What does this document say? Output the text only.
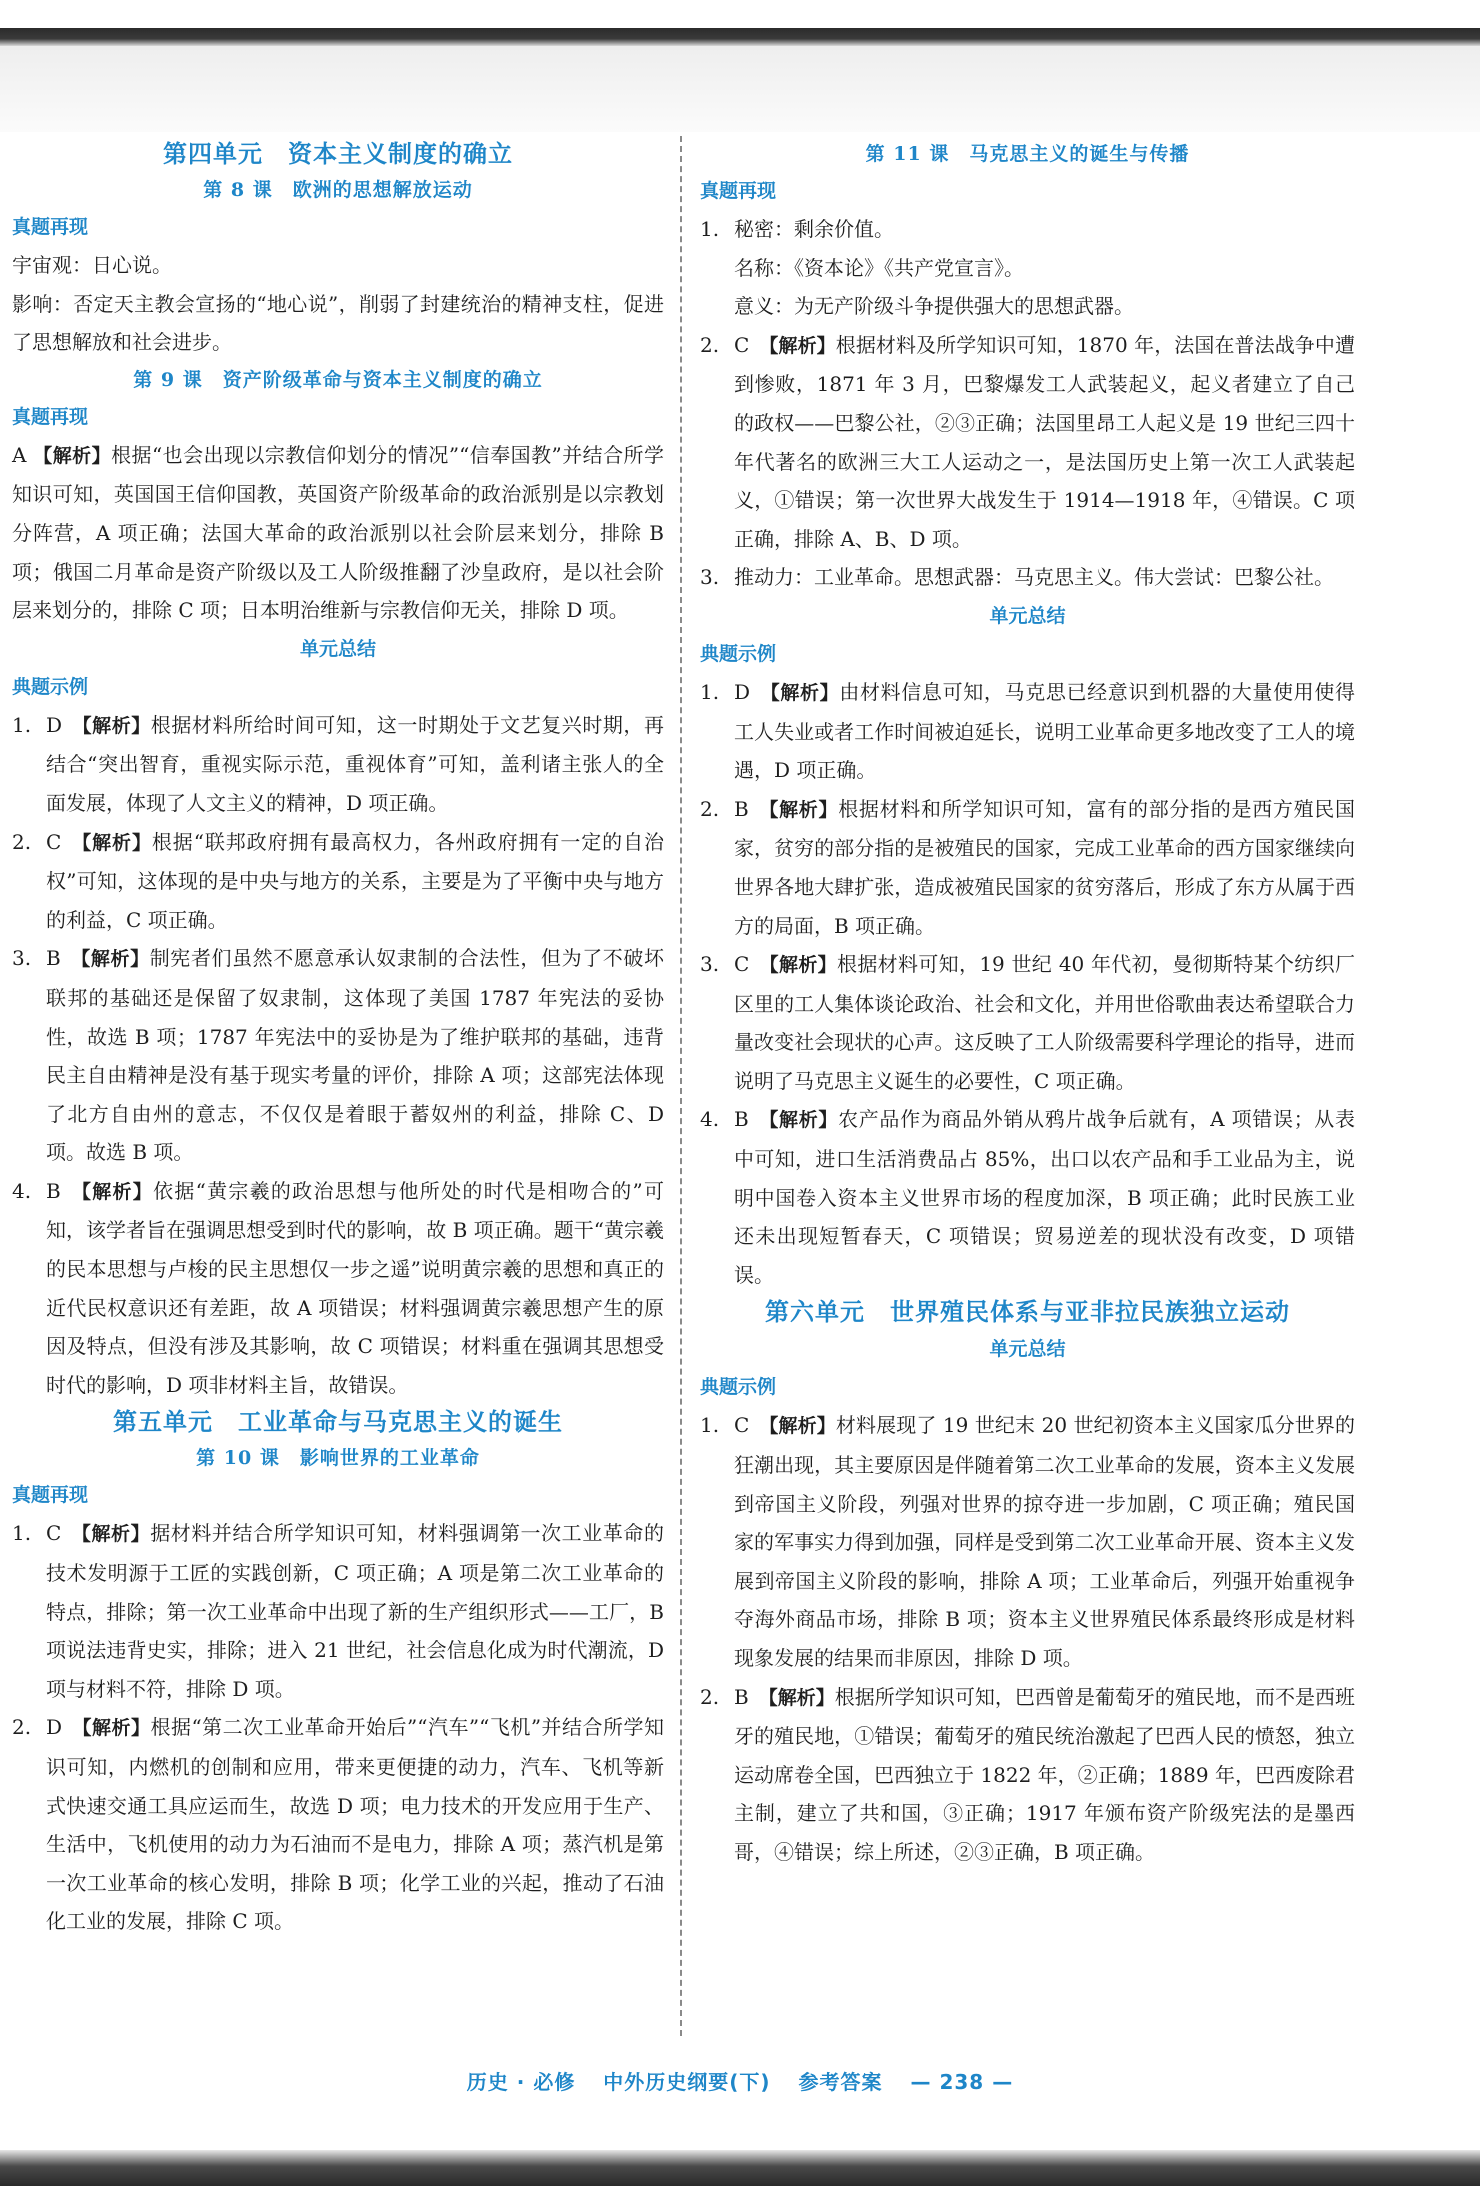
第四单元　资本主义制度的确立
第 8 课　欧洲的思想解放运动
真题再现
宇宙观：日心说。
影响：否定天主教会宣扬的“地心说”，削弱了封建统治的精神支柱，促进了思想解放和社会进步。
第 9 课　资产阶级革命与资本主义制度的确立
真题再现
A 【解析】根据“也会出现以宗教信仰划分的情况”“信奉国教”并结合所学知识可知，英国国王信仰国教，英国资产阶级革命的政治派别是以宗教划分阵营，A 项正确；法国大革命的政治派别以社会阶层来划分，排除 B 项；俄国二月革命是资产阶级以及工人阶级推翻了沙皇政府，是以社会阶层来划分的，排除 C 项；日本明治维新与宗教信仰无关，排除 D 项。
单元总结
典题示例
1. D 【解析】根据材料所给时间可知，这一时期处于文艺复兴时期，再结合“突出智育，重视实际示范，重视体育”可知，盖利诸主张人的全面发展，体现了人文主义的精神，D 项正确。
2. C 【解析】根据“联邦政府拥有最高权力，各州政府拥有一定的自治权”可知，这体现的是中央与地方的关系，主要是为了平衡中央与地方的利益，C 项正确。
3. B 【解析】制宪者们虽然不愿意承认奴隶制的合法性，但为了不破坏联邦的基础还是保留了奴隶制，这体现了美国 1787 年宪法的妥协性，故选 B 项；1787 年宪法中的妥协是为了维护联邦的基础，违背民主自由精神是没有基于现实考量的评价，排除 A 项；这部宪法体现了北方自由州的意志，不仅仅是着眼于蓄奴州的利益，排除 C、D 项。故选 B 项。
4. B 【解析】依据“黄宗羲的政治思想与他所处的时代是相吻合的”可知，该学者旨在强调思想受到时代的影响，故 B 项正确。题干“黄宗羲的民本思想与卢梭的民主思想仅一步之遥”说明黄宗羲的思想和真正的近代民权意识还有差距，故 A 项错误；材料强调黄宗羲思想产生的原因及特点，但没有涉及其影响，故 C 项错误；材料重在强调其思想受时代的影响，D 项非材料主旨，故错误。
第五单元　工业革命与马克思主义的诞生
第 10 课　影响世界的工业革命
真题再现
1. C 【解析】据材料并结合所学知识可知，材料强调第一次工业革命的技术发明源于工匠的实践创新，C 项正确；A 项是第二次工业革命的特点，排除；第一次工业革命中出现了新的生产组织形式——工厂，B 项说法违背史实，排除；进入 21 世纪，社会信息化成为时代潮流，D 项与材料不符，排除 D 项。
2. D 【解析】根据“第二次工业革命开始后”“汽车”“飞机”并结合所学知识可知，内燃机的创制和应用，带来更便捷的动力，汽车、飞机等新式快速交通工具应运而生，故选 D 项；电力技术的开发应用于生产、生活中，飞机使用的动力为石油而不是电力，排除 A 项；蒸汽机是第一次工业革命的核心发明，排除 B 项；化学工业的兴起，推动了石油化工业的发展，排除 C 项。
第 11 课　马克思主义的诞生与传播
真题再现
1. 秘密：剩余价值。
名称：《资本论》《共产党宣言》。
意义：为无产阶级斗争提供强大的思想武器。
2. C 【解析】根据材料及所学知识可知，1870 年，法国在普法战争中遭到惨败，1871 年 3 月，巴黎爆发工人武装起义，起义者建立了自己的政权——巴黎公社，②③正确；法国里昂工人起义是 19 世纪三四十年代著名的欧洲三大工人运动之一，是法国历史上第一次工人武装起义，①错误；第一次世界大战发生于 1914—1918 年，④错误。C 项正确，排除 A、B、D 项。
3. 推动力：工业革命。思想武器：马克思主义。伟大尝试：巴黎公社。
单元总结
典题示例
1. D 【解析】由材料信息可知，马克思已经意识到机器的大量使用使得工人失业或者工作时间被迫延长，说明工业革命更多地改变了工人的境遇，D 项正确。
2. B 【解析】根据材料和所学知识可知，富有的部分指的是西方殖民国家，贫穷的部分指的是被殖民的国家，完成工业革命的西方国家继续向世界各地大肆扩张，造成被殖民国家的贫穷落后，形成了东方从属于西方的局面，B 项正确。
3. C 【解析】根据材料可知，19 世纪 40 年代初，曼彻斯特某个纺织厂区里的工人集体谈论政治、社会和文化，并用世俗歌曲表达希望联合力量改变社会现状的心声。这反映了工人阶级需要科学理论的指导，进而说明了马克思主义诞生的必要性，C 项正确。
4. B 【解析】农产品作为商品外销从鸦片战争后就有，A 项错误；从表中可知，进口生活消费品占 85%，出口以农产品和手工业品为主，说明中国卷入资本主义世界市场的程度加深，B 项正确；此时民族工业还未出现短暂春天，C 项错误；贸易逆差的现状没有改变，D 项错误。
第六单元　世界殖民体系与亚非拉民族独立运动
单元总结
典题示例
1. C 【解析】材料展现了 19 世纪末 20 世纪初资本主义国家瓜分世界的狂潮出现，其主要原因是伴随着第二次工业革命的发展，资本主义发展到帝国主义阶段，列强对世界的掠夺进一步加剧，C 项正确；殖民国家的军事实力得到加强，同样是受到第二次工业革命开展、资本主义发展到帝国主义阶段的影响，排除 A 项；工业革命后，列强开始重视争夺海外商品市场，排除 B 项；资本主义世界殖民体系最终形成是材料现象发展的结果而非原因，排除 D 项。
2. B 【解析】根据所学知识可知，巴西曾是葡萄牙的殖民地，而不是西班牙的殖民地，①错误；葡萄牙的殖民统治激起了巴西人民的愤怒，独立运动席卷全国，巴西独立于 1822 年，②正确；1889 年，巴西废除君主制，建立了共和国，③正确；1917 年颁布资产阶级宪法的是墨西哥，④错误；综上所述，②③正确，B 项正确。
历史 · 必修 中外历史纲要(下) 参考答案 — 238 —
